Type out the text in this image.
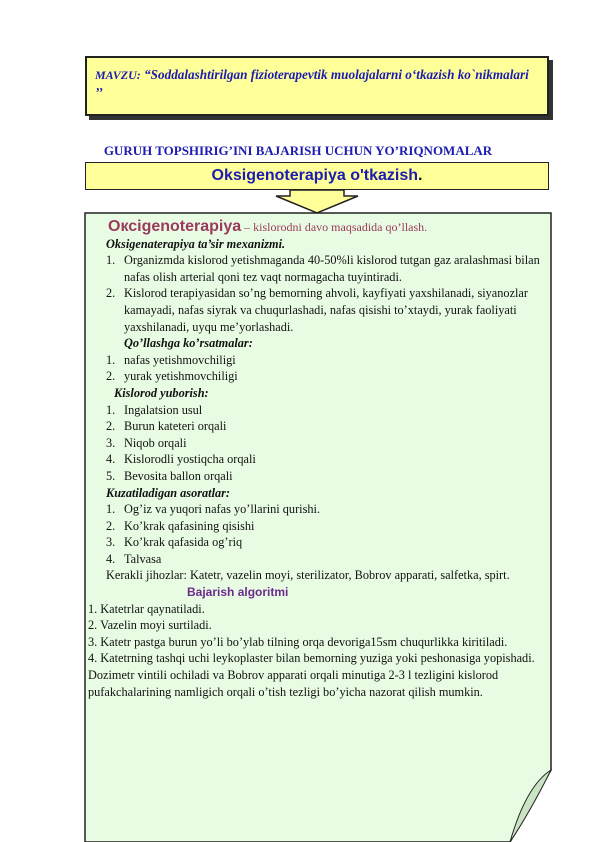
MAVZU: “Soddalashtirilgan fizioterapevtik muolajalarni o‘tkazish ko`nikmalari ’’
GURUH TOPSHIRIG’INI BAJARISH UCHUN YO’RIQNOMALAR
Oksigenoterapiya o'tkazish.
Оксigenoterapiya – kislorodni davo maqsadida qo’llash.
Oksigenaterapiya ta’sir mexanizmi.
1. Organizmda kislorod yetishmaganda 40-50%li kislorod tutgan gaz aralashmasi bilan nafas olish arterial qoni tez vaqt normagacha tuyintiradi.
2. Kislorod terapiyasidan so’ng bemorning ahvoli, kayfiyati yaxshilanadi, siyanozlar kamayadi, nafas siyrak va chuqurlashadi, nafas qisishi to’xtaydi, yurak faoliyati yaxshilanadi, uyqu me’yorlashadi.
Qo’llashga ko’rsatmalar:
1. nafas yetishmovchiligi
2. yurak yetishmovchiligi
Kislorod yuborish:
1. Ingalatsion usul
2. Burun kateteri orqali
3. Niqob orqali
4. Kislorodli yostiqcha orqali
5. Bevosita ballon orqali
Kuzatiladigan asoratlar:
1. Og’iz va yuqori nafas yo’llarini qurishi.
2. Ko’krak qafasining qisishi
3. Ko’krak qafasida og’riq
4. Talvasa
Kerakli jihozlar: Katetr, vazelin moyi, sterilizator, Bobrov apparati, salfetka, spirt.
Bajarish algoritmi
1. Katetrlar qaynatiladi.
2. Vazelin moyi surtiladi.
3. Katetr pastga burun yo’li bo’ylab tilning orqa devoriga15sm chuqurlikka kiritiladi.
4. Katetrning tashqi uchi leykoplaster bilan bemorning yuziga yoki peshonasiga yopishadi.
Dozimetr vintili ochiladi va Bobrov apparati orqali minutiga 2-3 l tezligini kislorod pufakchalarining namligich orqali o’tish tezligi bo’yicha nazorat qilish mumkin.
